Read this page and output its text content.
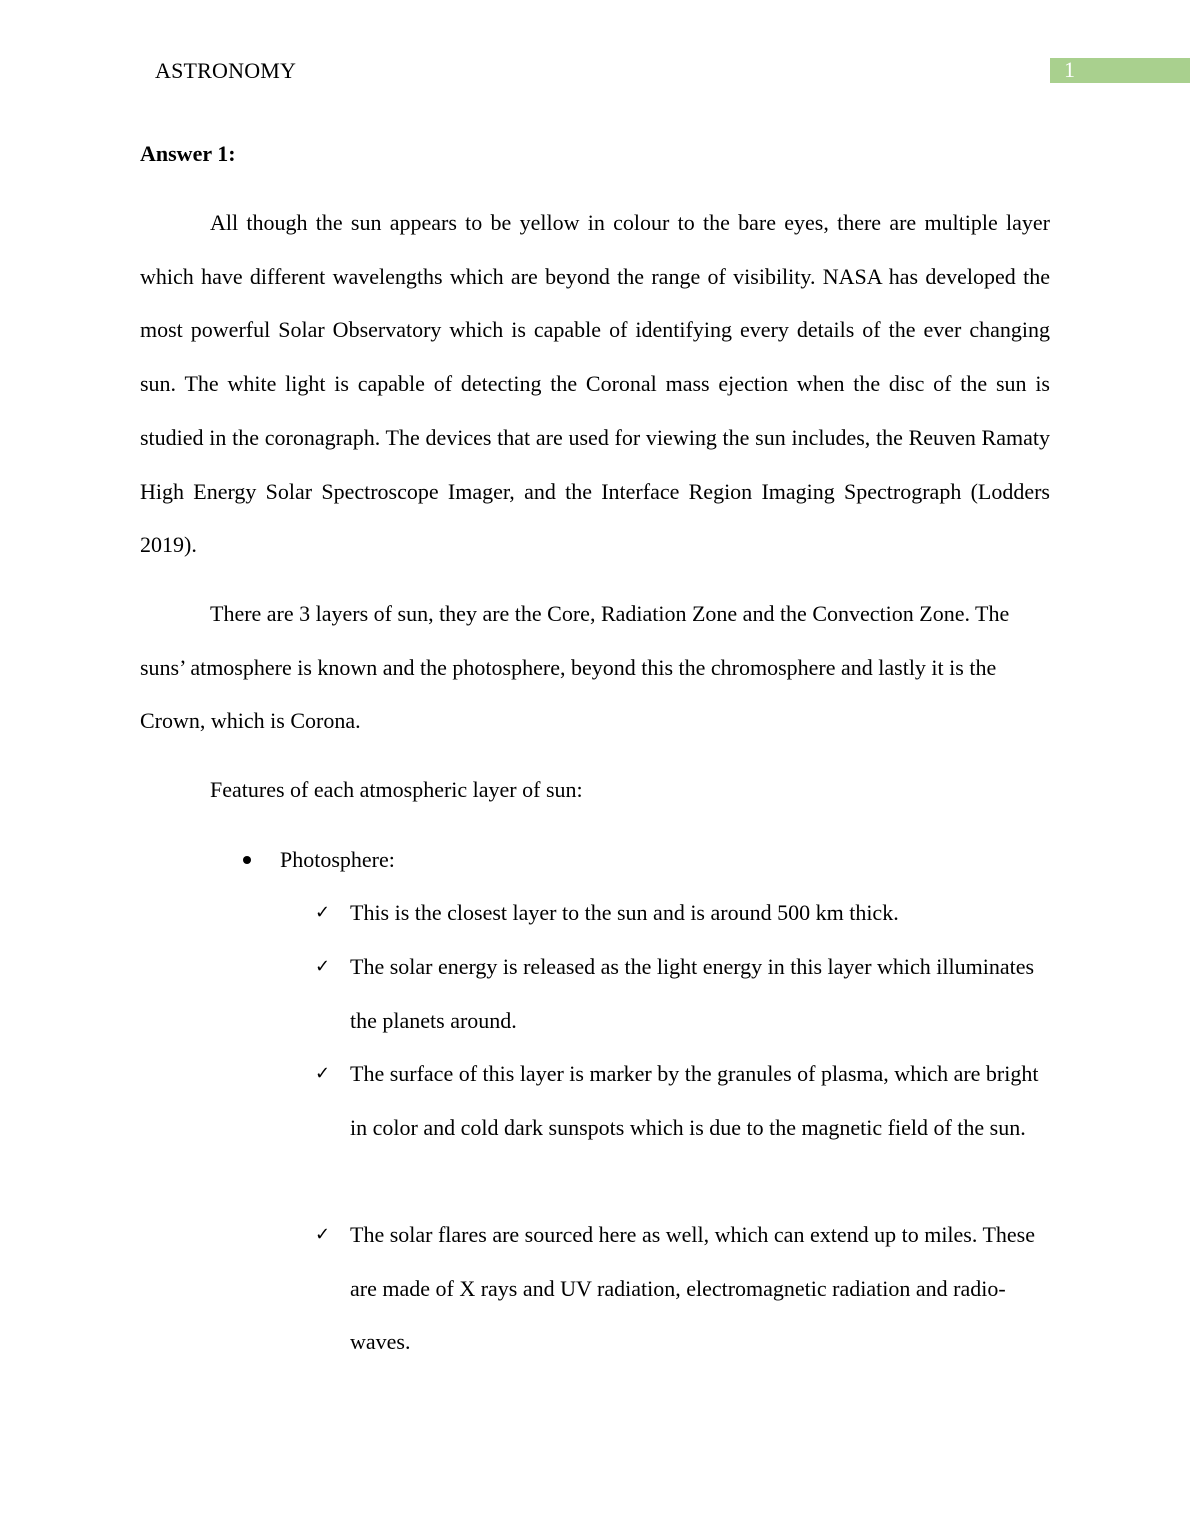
ASTRONOMY	1
Answer 1:

All though the sun appears to be yellow in colour to the bare eyes, there are multiple layer which have different wavelengths which are beyond the range of visibility. NASA has developed the most powerful Solar Observatory which is capable of identifying every details of the ever changing sun. The white light is capable of detecting the Coronal mass ejection when the disc of the sun is studied in the coronagraph. The devices that are used for viewing the sun includes, the Reuven Ramaty High Energy Solar Spectroscope Imager, and the Interface Region Imaging Spectrograph (Lodders 2019).

There are 3 layers of sun, they are the Core, Radiation Zone and the Convection Zone. The suns’ atmosphere is known and the photosphere, beyond this the chromosphere and lastly it is the Crown, which is Corona.

Features of each atmospheric layer of sun:

Photosphere:
✓ This is the closest layer to the sun and is around 500 km thick.
✓ The solar energy is released as the light energy in this layer which illuminates the planets around.
✓ The surface of this layer is marker by the granules of plasma, which are bright in color and cold dark sunspots which is due to the magnetic field of the sun.
✓ The solar flares are sourced here as well, which can extend up to miles. These are made of X rays and UV radiation, electromagnetic radiation and radio-waves.
